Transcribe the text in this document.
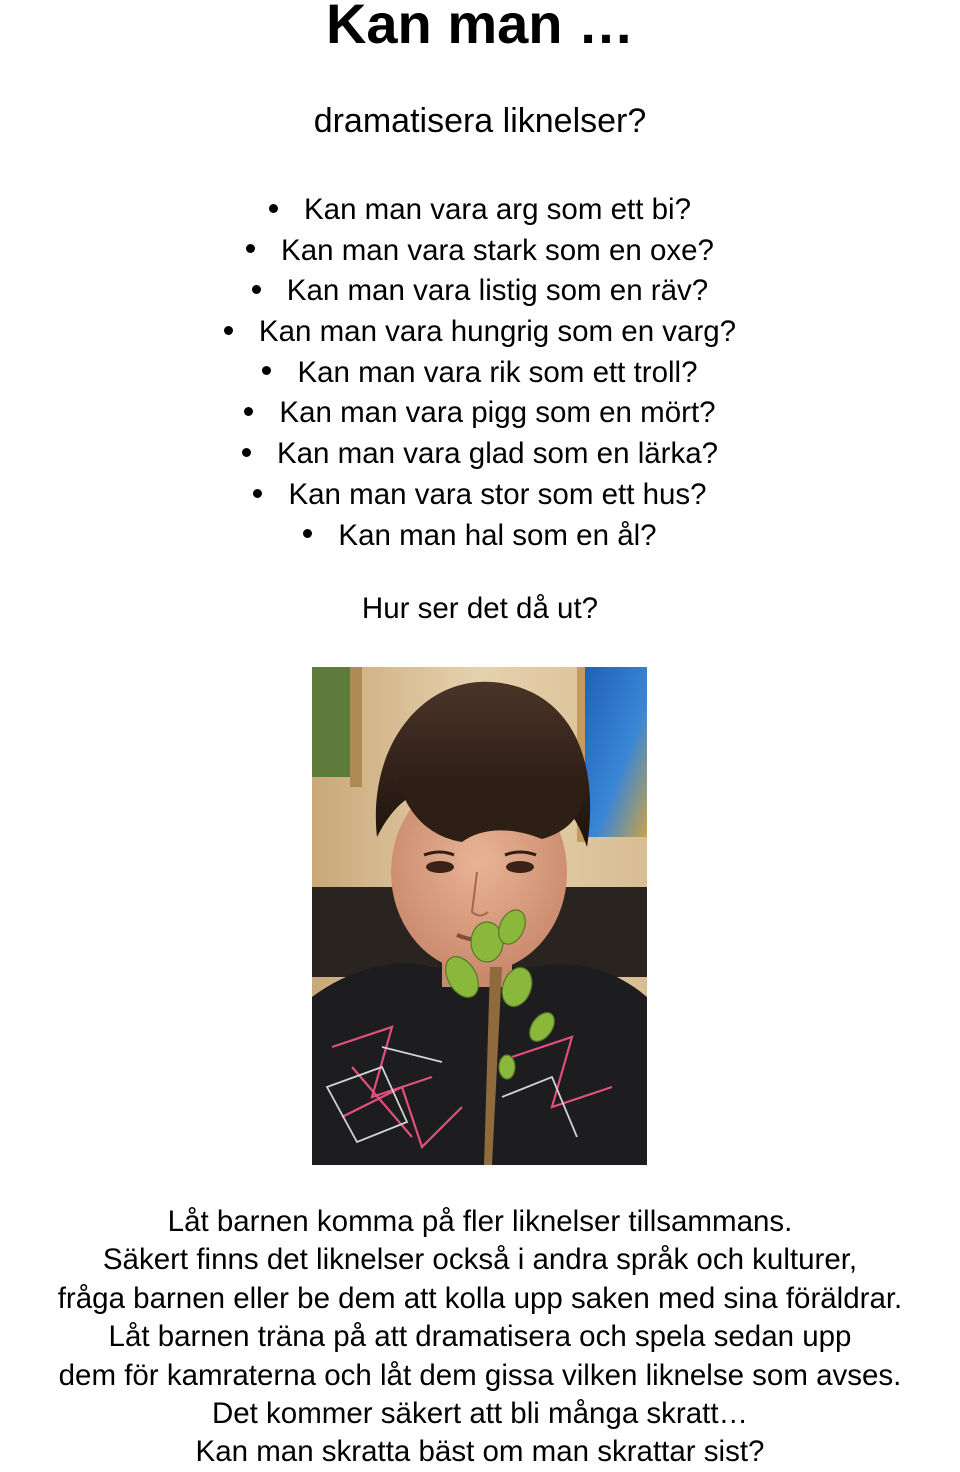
Kan man …

dramatisera liknelser?

Kan man vara arg som ett bi?
Kan man vara stark som en oxe?
Kan man vara listig som en räv?
Kan man vara hungrig som en varg?
Kan man vara rik som ett troll?
Kan man vara pigg som en mört?
Kan man vara glad som en lärka?
Kan man vara stor som ett hus?
Kan man hal som en ål?

Hur ser det då ut?

Låt barnen komma på fler liknelser tillsammans.
Säkert finns det liknelser också i andra språk och kulturer,
fråga barnen eller be dem att kolla upp saken med sina föräldrar.
Låt barnen träna på att dramatisera och spela sedan upp
dem för kamraterna och låt dem gissa vilken liknelse som avses.
Det kommer säkert att bli många skratt…
Kan man skratta bäst om man skrattar sist?
